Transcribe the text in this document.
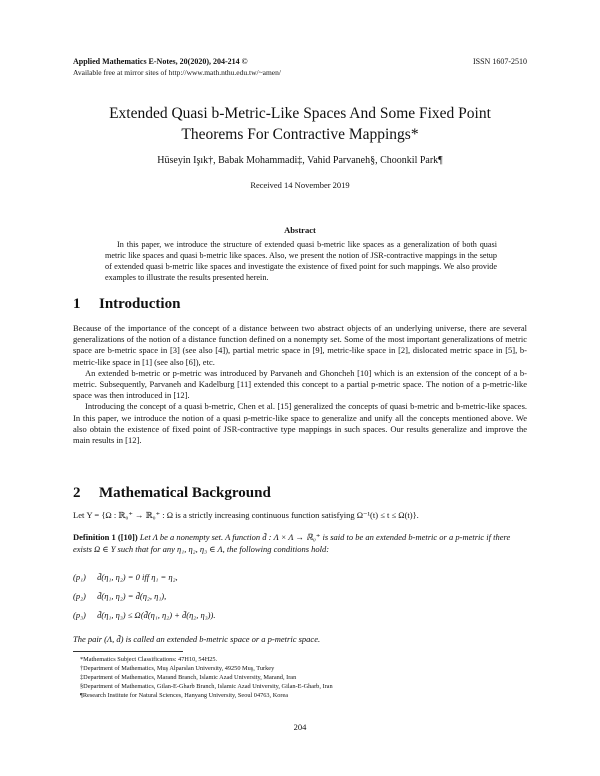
Applied Mathematics E-Notes, 20(2020), 204-214 ©	ISSN 1607-2510
Available free at mirror sites of http://www.math.nthu.edu.tw/~amen/
Extended Quasi b-Metric-Like Spaces And Some Fixed Point
Theorems For Contractive Mappings*
Hüseyin Işık†, Babak Mohammadi‡, Vahid Parvaneh§, Choonkil Park¶
Received 14 November 2019
Abstract
In this paper, we introduce the structure of extended quasi b-metric like spaces as a generalization of both quasi metric like spaces and quasi b-metric like spaces. Also, we present the notion of JSR-contractive mappings in the setup of extended quasi b-metric like spaces and investigate the existence of fixed point for such mappings. We also provide examples to illustrate the results presented herein.
1 Introduction

Because of the importance of the concept of a distance between two abstract objects of an underlying universe, there are several generalizations of the notion of a distance function defined on a nonempty set. Some of the most important generalizations of metric space are b-metric space in [3] (see also [4]), partial metric space in [9], metric-like space in [2], dislocated metric space in [5], b-metric-like space in [1] (see also [6]), etc.

An extended b-metric or p-metric was introduced by Parvaneh and Ghoncheh [10] which is an extension of the concept of a b-metric. Subsequently, Parvaneh and Kadelburg [11] extended this concept to a partial p-metric space. The notion of a p-metric-like space was then introduced in [12].

Introducing the concept of a quasi b-metric, Chen et al. [15] generalized the concepts of quasi b-metric and b-metric-like spaces. In this paper, we introduce the notion of a quasi p-metric-like space to generalize and unify all the concepts mentioned above. We also obtain the existence of fixed point of JSR-contractive type mappings in such spaces. Our results generalize and improve the main results in [12].

2 Mathematical Background

Let Υ = {Ω : ℝ₀⁺ → ℝ₀⁺ : Ω is a strictly increasing continuous function satisfying Ω⁻¹(t) ≤ t ≤ Ω(t)}.

Definition 1 ([10]) Let Λ be a nonempty set. A function d̃ : Λ × Λ → ℝ₀⁺ is said to be an extended b-metric or a p-metric if there exists Ω ∈ Υ such that for any η₁, η₂, η₃ ∈ Λ, the following conditions hold:
(p₁) d̃(η₁, η₂) = 0 iff η₁ = η₂,
(p₂) d̃(η₁, η₂) = d̃(η₂, η₁),
(p₃) d̃(η₁, η₃) ≤ Ω(d̃(η₁, η₂) + d̃(η₂, η₃)).
The pair (Λ, d̃) is called an extended b-metric space or a p-metric space.
*Mathematics Subject Classifications: 47H10, 54H25.
†Department of Mathematics, Muş Alparslan University, 49250 Muş, Turkey
‡Department of Mathematics, Marand Branch, Islamic Azad University, Marand, Iran
§Department of Mathematics, Gilan-E-Gharb Branch, Islamic Azad University, Gilan-E-Gharb, Iran
¶Research Institute for Natural Sciences, Hanyang University, Seoul 04763, Korea
204
